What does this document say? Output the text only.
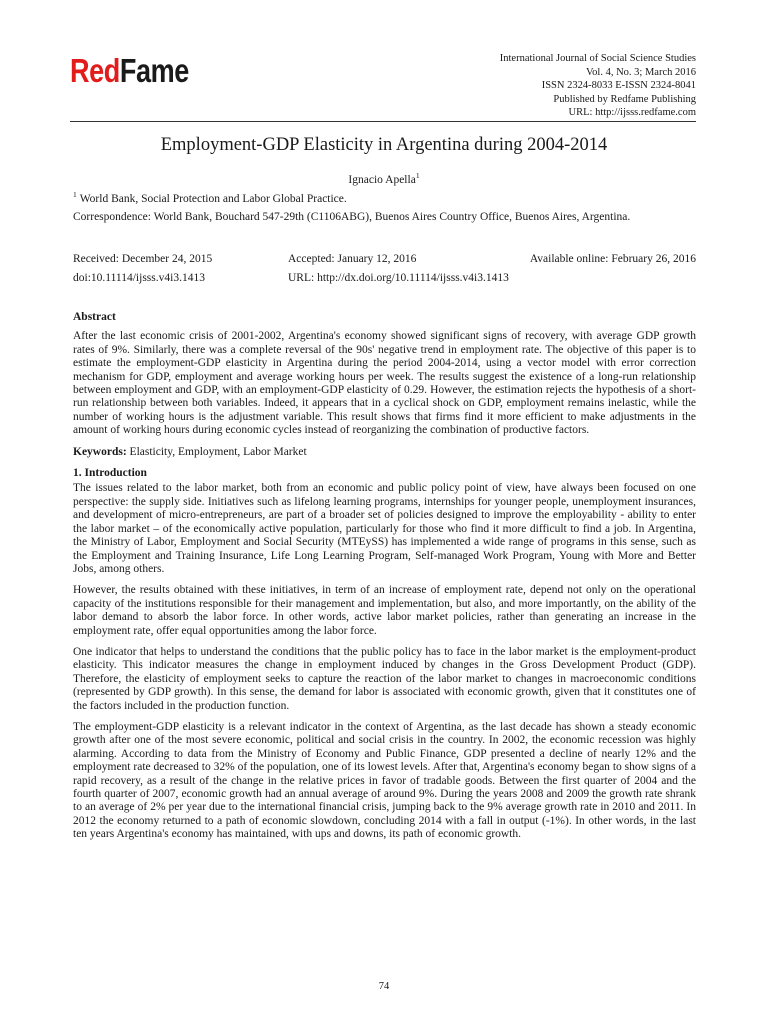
RedFame	International Journal of Social Science Studies
Vol. 4, No. 3; March 2016
ISSN 2324-8033 E-ISSN 2324-8041
Published by Redfame Publishing
URL: http://ijsss.redfame.com
Employment-GDP Elasticity in Argentina during 2004-2014
Ignacio Apella$^1$
$^1$ World Bank, Social Protection and Labor Global Practice.
Correspondence: World Bank, Bouchard 547-29th (C1106ABG), Buenos Aires Country Office, Buenos Aires, Argentina.
Received: December 24, 2015	Accepted: January 12, 2016	Available online: February 26, 2016
doi:10.11114/ijsss.v4i3.1413	URL: http://dx.doi.org/10.11114/ijsss.v4i3.1413
Abstract

After the last economic crisis of 2001-2002, Argentina's economy showed significant signs of recovery, with average GDP growth rates of 9%. Similarly, there was a complete reversal of the 90s' negative trend in employment rate. The objective of this paper is to estimate the employment-GDP elasticity in Argentina during the period 2004-2014, using a vector model with error correction mechanism for GDP, employment and average working hours per week. The results suggest the existence of a long-run relationship between employment and GDP, with an employment-GDP elasticity of 0.29. However, the estimation rejects the hypothesis of a short-run relationship between both variables. Indeed, it appears that in a cyclical shock on GDP, employment remains inelastic, while the number of working hours is the adjustment variable. This result shows that firms find it more efficient to make adjustments in the amount of working hours during economic cycles instead of reorganizing the combination of productive factors.

Keywords: Elasticity, Employment, Labor Market

1. Introduction

The issues related to the labor market, both from an economic and public policy point of view, have always been focused on one perspective: the supply side. Initiatives such as lifelong learning programs, internships for younger people, unemployment insurances, and development of micro-entrepreneurs, are part of a broader set of policies designed to improve the employability - ability to enter the labor market – of the economically active population, particularly for those who find it more difficult to find a job. In Argentina, the Ministry of Labor, Employment and Social Security (MTEySS) has implemented a wide range of programs in this sense, such as the Employment and Training Insurance, Life Long Learning Program, Self-managed Work Program, Young with More and Better Jobs, among others.

However, the results obtained with these initiatives, in term of an increase of employment rate, depend not only on the operational capacity of the institutions responsible for their management and implementation, but also, and more importantly, on the ability of the labor demand to absorb the labor force. In other words, active labor market policies, rather than generating an increase in the employment rate, offer equal opportunities among the labor force.

One indicator that helps to understand the conditions that the public policy has to face in the labor market is the employment-product elasticity. This indicator measures the change in employment induced by changes in the Gross Development Product (GDP). Therefore, the elasticity of employment seeks to capture the reaction of the labor market to changes in macroeconomic conditions (represented by GDP growth). In this sense, the demand for labor is associated with economic growth, given that it constitutes one of the factors included in the production function.

The employment-GDP elasticity is a relevant indicator in the context of Argentina, as the last decade has shown a steady economic growth after one of the most severe economic, political and social crisis in the country. In 2002, the economic recession was highly alarming. According to data from the Ministry of Economy and Public Finance, GDP presented a decline of nearly 12% and the employment rate decreased to 32% of the population, one of its lowest levels. After that, Argentina's economy began to show signs of a rapid recovery, as a result of the change in the relative prices in favor of tradable goods. Between the first quarter of 2004 and the fourth quarter of 2007, economic growth had an annual average of around 9%. During the years 2008 and 2009 the growth rate shrank to an average of 2% per year due to the international financial crisis, jumping back to the 9% average growth rate in 2010 and 2011. In 2012 the economy returned to a path of economic slowdown, concluding 2014 with a fall in output (-1%). In other words, in the last ten years Argentina's economy has maintained, with ups and downs, its path of economic growth.

74
